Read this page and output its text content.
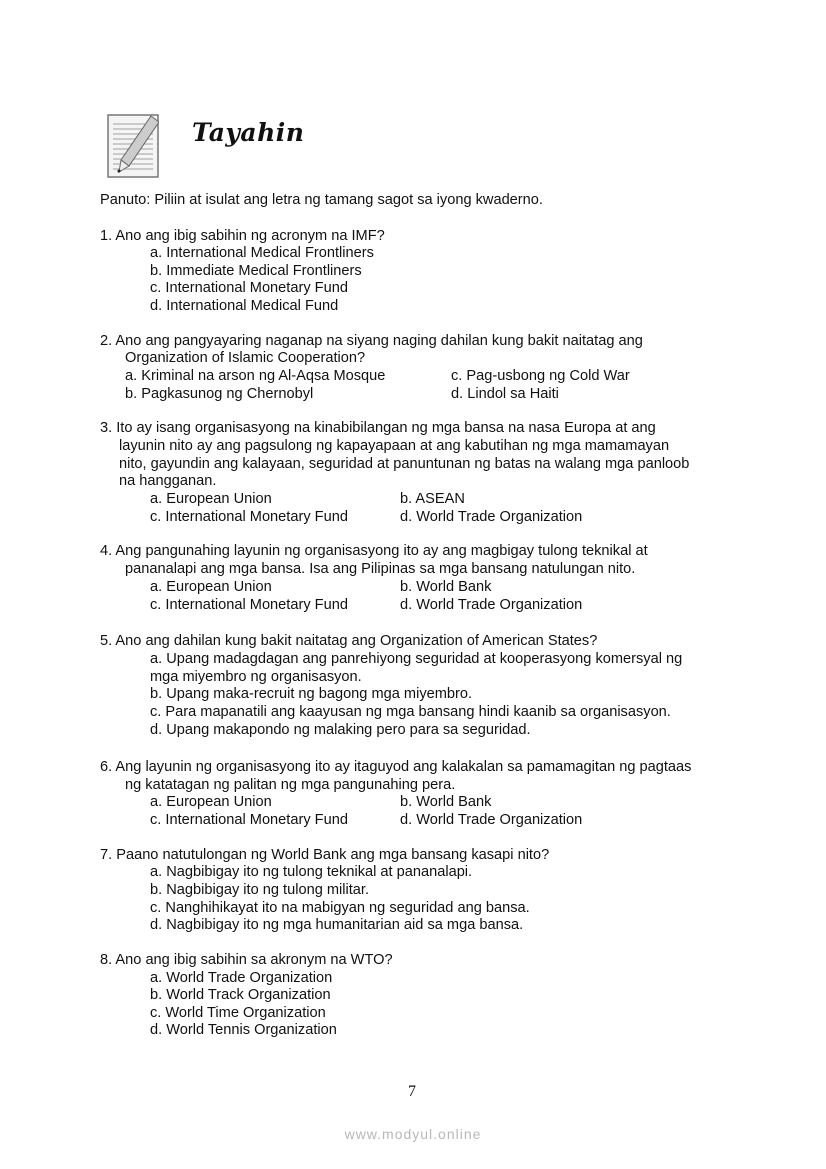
Tayahin
Panuto: Piliin at isulat ang letra ng tamang sagot sa iyong kwaderno.
1. Ano ang ibig sabihin ng acronym na IMF?
a. International Medical Frontliners
b. Immediate Medical Frontliners
c. International Monetary Fund
d. International Medical Fund
2. Ano ang pangyayaring naganap na siyang naging dahilan kung bakit naitatag ang
Organization of Islamic Cooperation?
a. Kriminal na arson ng Al-Aqsa Mosque	c. Pag-usbong ng Cold War
b. Pagkasunog ng Chernobyl	d. Lindol sa Haiti
3. Ito ay isang organisasyong na kinabibilangan ng mga bansa na nasa Europa at ang
layunin nito ay ang pagsulong ng kapayapaan at ang kabutihan ng mga mamamayan
nito, gayundin ang kalayaan, seguridad at panuntunan ng batas na walang mga panloob
na hangganan.
a. European Union	b. ASEAN
c. International Monetary Fund	d. World Trade Organization
4. Ang pangunahing layunin ng organisasyong ito ay ang magbigay tulong teknikal at
pananalapi ang mga bansa. Isa ang Pilipinas sa mga bansang natulungan nito.
a. European Union	b. World Bank
c. International Monetary Fund	d. World Trade Organization
5. Ano ang dahilan kung bakit naitatag ang Organization of American States?
a. Upang madagdagan ang panrehiyong seguridad at kooperasyong komersyal ng
mga miyembro ng organisasyon.
b. Upang maka-recruit ng bagong mga miyembro.
c. Para mapanatili ang kaayusan ng mga bansang hindi kaanib sa organisasyon.
d. Upang makapondo ng malaking pero para sa seguridad.
6. Ang layunin ng organisasyong ito ay itaguyod ang kalakalan sa pamamagitan ng pagtaas
ng katatagan ng palitan ng mga pangunahing pera.
a. European Union	b. World Bank
c. International Monetary Fund	d. World Trade Organization
7. Paano natutulongan ng World Bank ang mga bansang kasapi nito?
a. Nagbibigay ito ng tulong teknikal at pananalapi.
b. Nagbibigay ito ng tulong militar.
c. Nanghihikayat ito na mabigyan ng seguridad ang bansa.
d. Nagbibigay ito ng mga humanitarian aid sa mga bansa.
8. Ano ang ibig sabihin sa akronym na WTO?
a. World Trade Organization
b. World Track Organization
c. World Time Organization
d. World Tennis Organization
7
www.modyul.online
